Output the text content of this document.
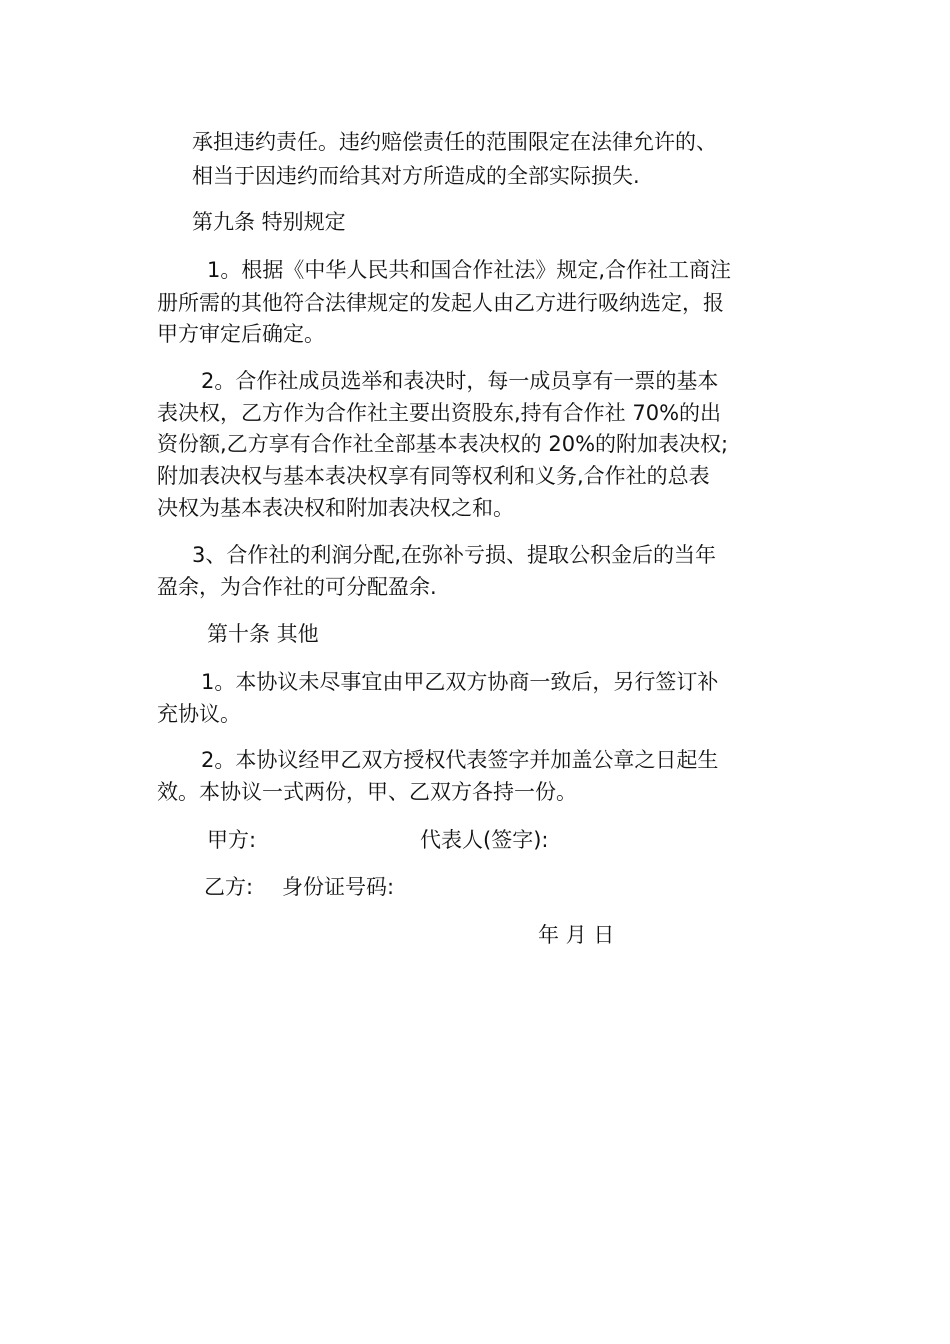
承担违约责任。违约赔偿责任的范围限定在法律允许的、
相当于因违约而给其对方所造成的全部实际损失.
第九条 特别规定
1。根据《中华人民共和国合作社法》规定,合作社工商注
册所需的其他符合法律规定的发起人由乙方进行吸纳选定，报
甲方审定后确定。
2。合作社成员选举和表决时，每一成员享有一票的基本
表决权，乙方作为合作社主要出资股东,持有合作社 70%的出
资份额,乙方享有合作社全部基本表决权的 20%的附加表决权;
附加表决权与基本表决权享有同等权利和义务,合作社的总表
决权为基本表决权和附加表决权之和。
3、合作社的利润分配,在弥补亏损、提取公积金后的当年
盈余，为合作社的可分配盈余.
第十条 其他
1。本协议未尽事宜由甲乙双方协商一致后，另行签订补
充协议。
2。本协议经甲乙双方授权代表签字并加盖公章之日起生
效。本协议一式两份，甲、乙双方各持一份。
甲方:	代表人(签字):
乙方: 身份证号码:
年 月 日
